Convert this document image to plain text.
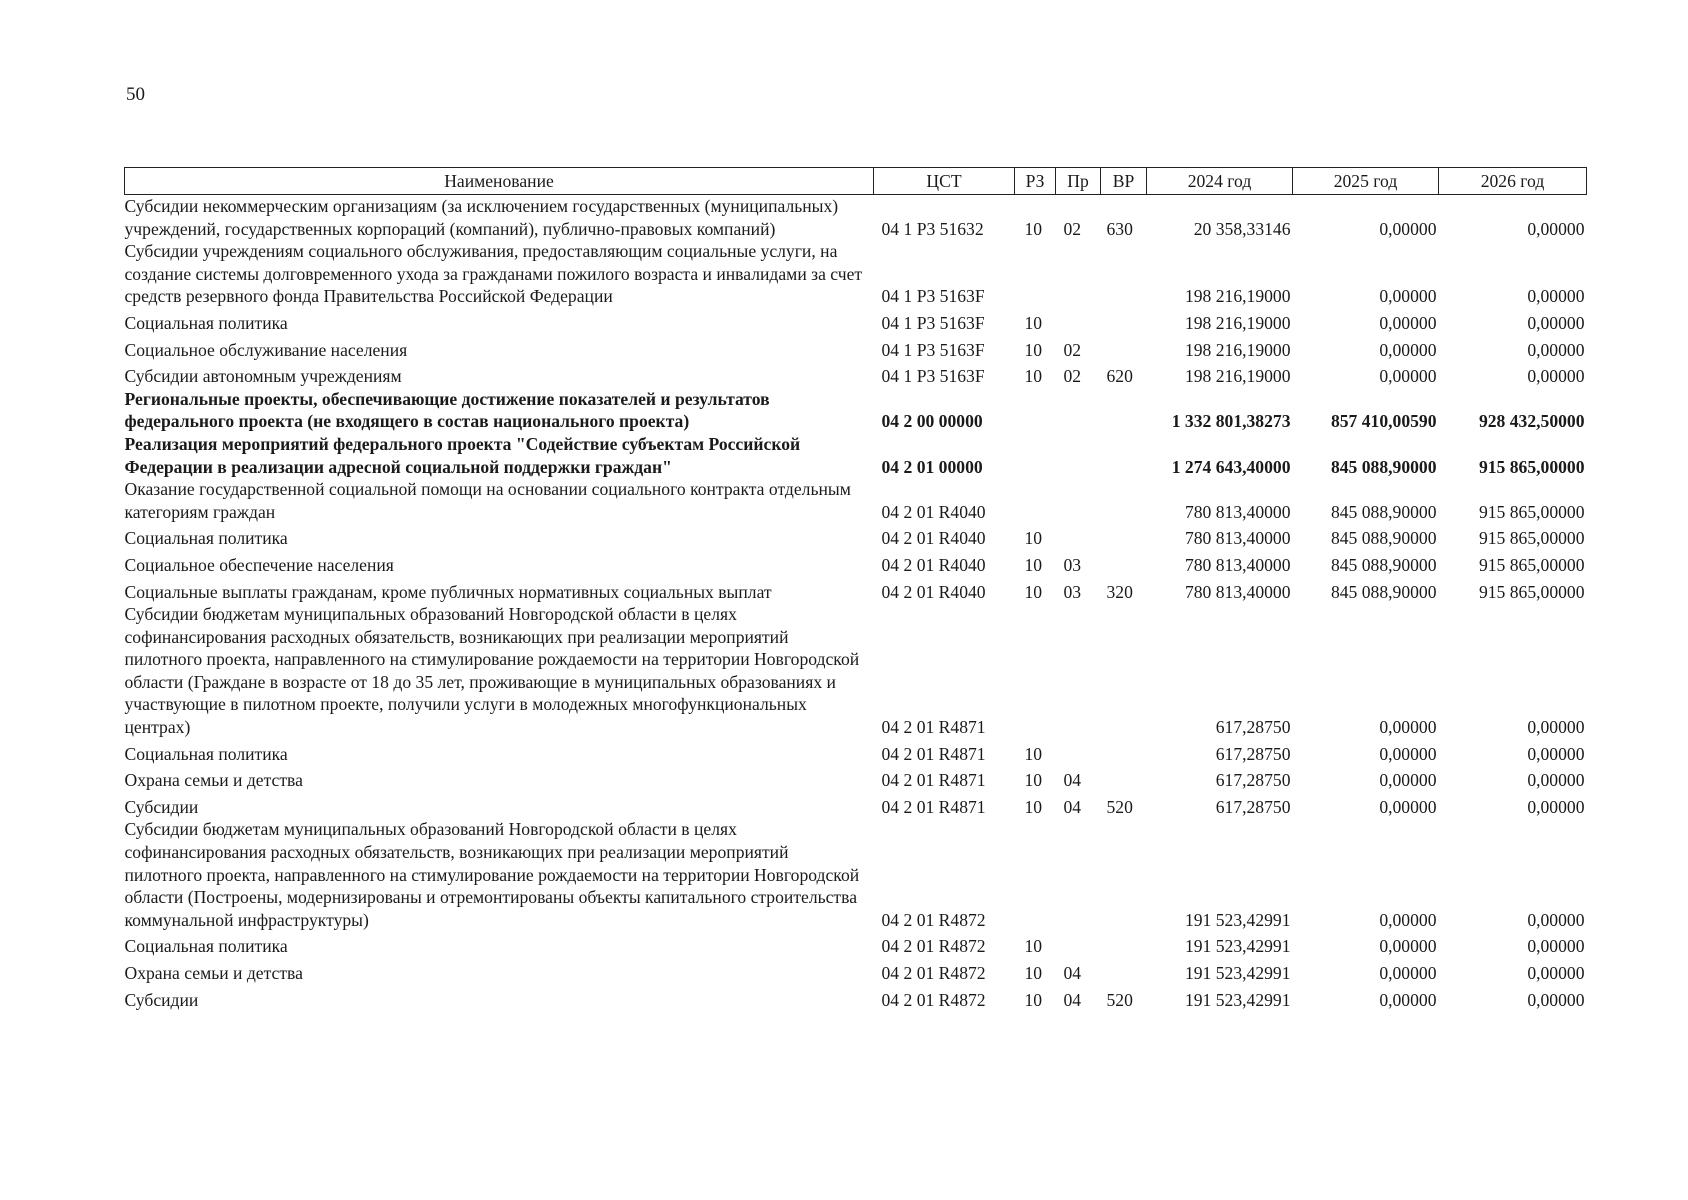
50
Наименование	ЦСТ	РЗ	Пр	ВР	2024 год	2025 год	2026 год
Субсидии некоммерческим организациям (за исключением государственных (муниципальных) учреждений, государственных корпораций (компаний), публично-правовых компаний)	04 1 Р3 51632	10	02	630	20 358,33146	0,00000	0,00000
Субсидии учреждениям социального обслуживания, предоставляющим социальные услуги, на создание системы долговременного ухода за гражданами пожилого возраста и инвалидами за счет средств резервного фонда Правительства Российской Федерации	04 1 Р3 5163F				198 216,19000	0,00000	0,00000
Социальная политика	04 1 Р3 5163F	10			198 216,19000	0,00000	0,00000
Социальное обслуживание населения	04 1 Р3 5163F	10	02		198 216,19000	0,00000	0,00000
Субсидии автономным учреждениям	04 1 Р3 5163F	10	02	620	198 216,19000	0,00000	0,00000
Региональные проекты, обеспечивающие достижение показателей и результатов федерального проекта (не входящего в состав национального проекта)	04 2 00 00000				1 332 801,38273	857 410,00590	928 432,50000
Реализация мероприятий федерального проекта "Содействие субъектам Российской Федерации в реализации адресной социальной поддержки граждан"	04 2 01 00000				1 274 643,40000	845 088,90000	915 865,00000
Оказание государственной социальной помощи на основании социального контракта отдельным категориям граждан	04 2 01 R4040				780 813,40000	845 088,90000	915 865,00000
Социальная политика	04 2 01 R4040	10			780 813,40000	845 088,90000	915 865,00000
Социальное обеспечение населения	04 2 01 R4040	10	03		780 813,40000	845 088,90000	915 865,00000
Социальные выплаты гражданам, кроме публичных нормативных социальных выплат	04 2 01 R4040	10	03	320	780 813,40000	845 088,90000	915 865,00000
Субсидии бюджетам муниципальных образований Новгородской области в целях софинансирования расходных обязательств, возникающих при реализации мероприятий пилотного проекта, направленного на стимулирование рождаемости на территории Новгородской области (Граждане в возрасте от 18 до 35 лет, проживающие в муниципальных образованиях и участвующие в пилотном проекте, получили услуги в молодежных многофункциональных центрах)	04 2 01 R4871				617,28750	0,00000	0,00000
Социальная политика	04 2 01 R4871	10			617,28750	0,00000	0,00000
Охрана семьи и детства	04 2 01 R4871	10	04		617,28750	0,00000	0,00000
Субсидии	04 2 01 R4871	10	04	520	617,28750	0,00000	0,00000
Субсидии бюджетам муниципальных образований Новгородской области в целях софинансирования расходных обязательств, возникающих при реализации мероприятий пилотного проекта, направленного на стимулирование рождаемости на территории Новгородской области (Построены, модернизированы и отремонтированы объекты капитального строительства коммунальной инфраструктуры)	04 2 01 R4872				191 523,42991	0,00000	0,00000
Социальная политика	04 2 01 R4872	10			191 523,42991	0,00000	0,00000
Охрана семьи и детства	04 2 01 R4872	10	04		191 523,42991	0,00000	0,00000
Субсидии	04 2 01 R4872	10	04	520	191 523,42991	0,00000	0,00000
